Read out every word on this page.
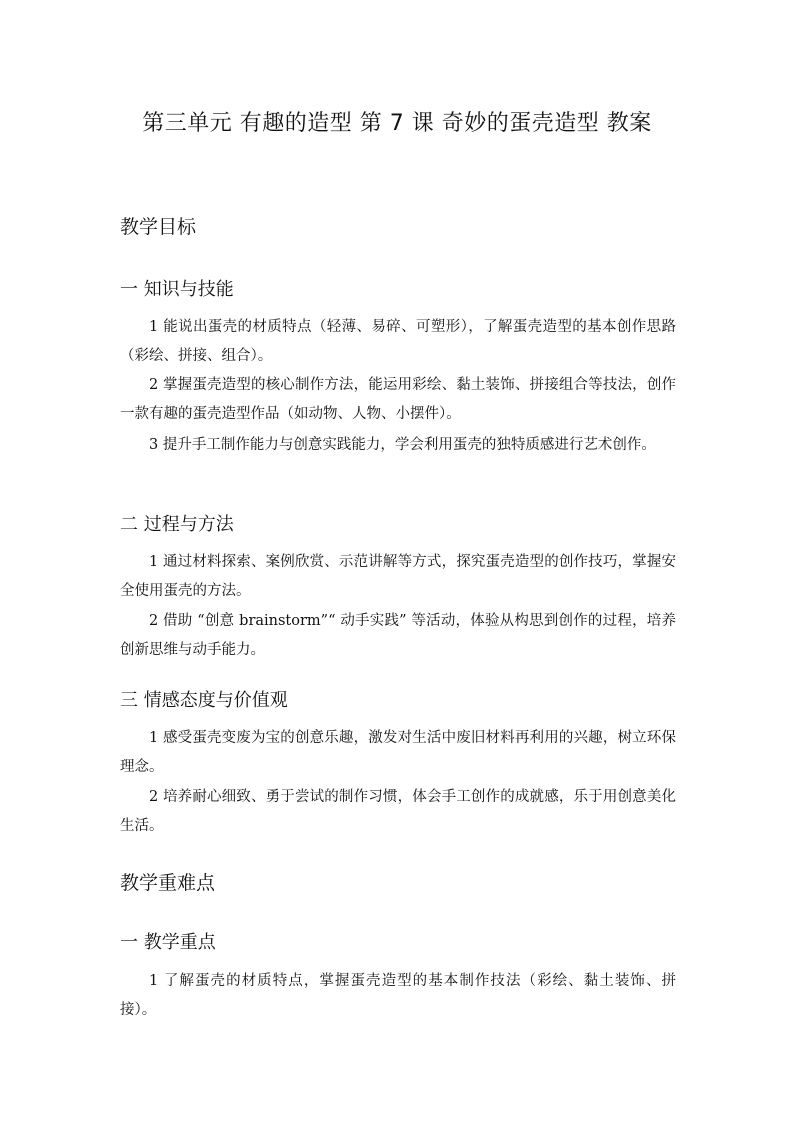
第三单元 有趣的造型 第 7 课 奇妙的蛋壳造型 教案
教学目标
一 知识与技能

1 能说出蛋壳的材质特点（轻薄、易碎、可塑形），了解蛋壳造型的基本创作思路（彩绘、拼接、组合）。

2 掌握蛋壳造型的核心制作方法，能运用彩绘、黏土装饰、拼接组合等技法，创作一款有趣的蛋壳造型作品（如动物、人物、小摆件）。

3 提升手工制作能力与创意实践能力，学会利用蛋壳的独特质感进行艺术创作。

二 过程与方法

1 通过材料探索、案例欣赏、示范讲解等方式，探究蛋壳造型的创作技巧，掌握安全使用蛋壳的方法。

2 借助 “创意 brainstorm”“ 动手实践” 等活动，体验从构思到创作的过程，培养创新思维与动手能力。

三 情感态度与价值观

1 感受蛋壳变废为宝的创意乐趣，激发对生活中废旧材料再利用的兴趣，树立环保理念。

2 培养耐心细致、勇于尝试的制作习惯，体会手工创作的成就感，乐于用创意美化生活。

教学重难点
一 教学重点

1 了解蛋壳的材质特点，掌握蛋壳造型的基本制作技法（彩绘、黏土装饰、拼接）。
